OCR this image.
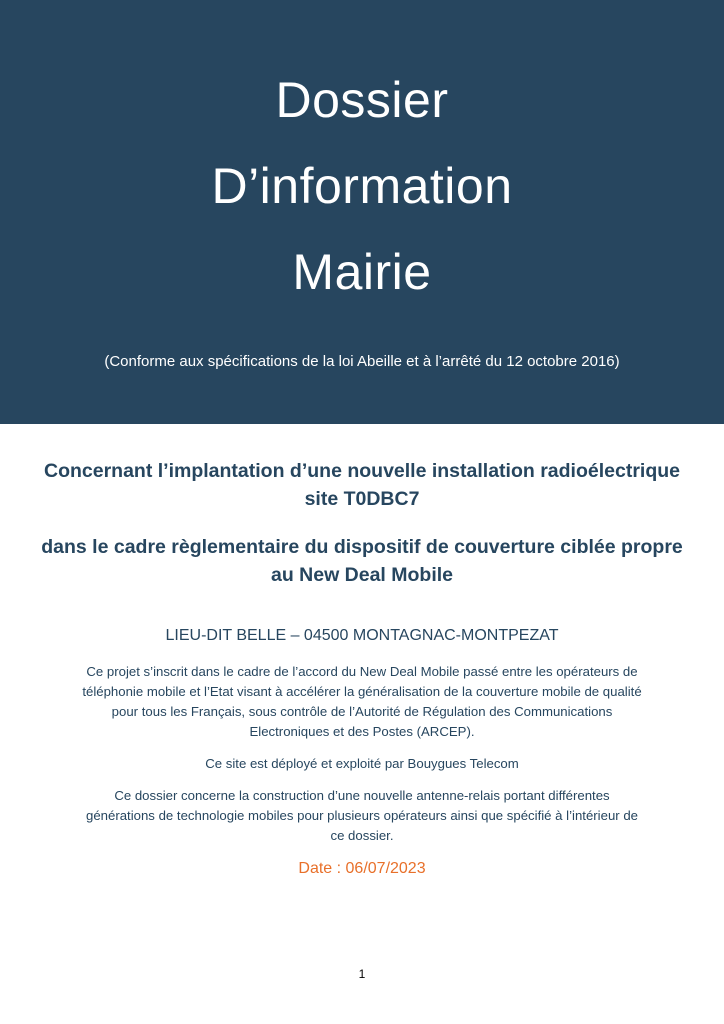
Dossier
D’information
Mairie
(Conforme aux spécifications de la loi Abeille et à l’arrêté du 12 octobre 2016)
Concernant l’implantation d’une nouvelle installation radioélectrique site T0DBC7
dans le cadre règlementaire du dispositif de couverture ciblée propre au New Deal Mobile
LIEU-DIT BELLE – 04500 MONTAGNAC-MONTPEZAT
Ce projet s’inscrit dans le cadre de l’accord du New Deal Mobile passé entre les opérateurs de téléphonie mobile et l’Etat visant à accélérer la généralisation de la couverture mobile de qualité pour tous les Français, sous contrôle de l’Autorité de Régulation des Communications Electroniques et des Postes (ARCEP).
Ce site est déployé et exploité par Bouygues Telecom
Ce dossier concerne la construction d’une nouvelle antenne-relais portant différentes générations de technologie mobiles pour plusieurs opérateurs ainsi que spécifié à l’intérieur de ce dossier.
Date : 06/07/2023
1
